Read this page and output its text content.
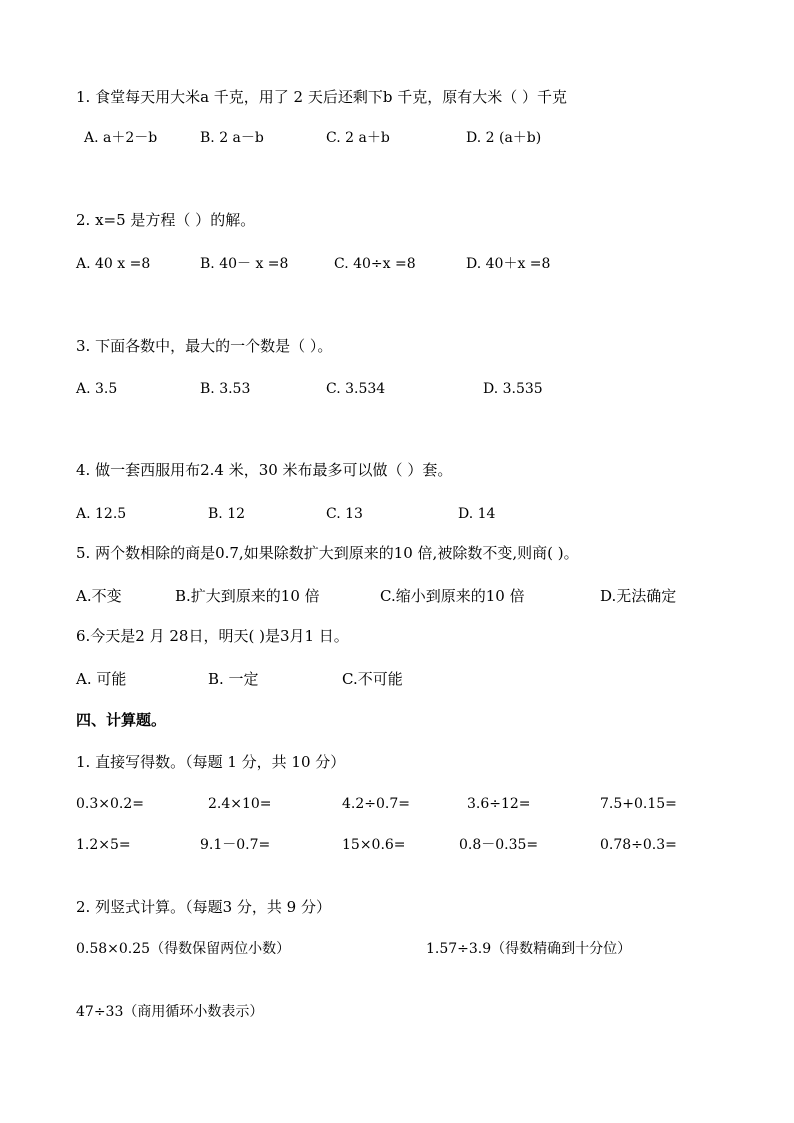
1. 食堂每天用大米a 千克，用了 2 天后还剩下b 千克，原有大米（ ）千克
A. a＋2－b	B. 2 a－b	C. 2 a＋b	D. 2 (a＋b)
2. x=5 是方程（ ）的解。
A. 40 x =8	B. 40－ x =8	C. 40÷x =8	D. 40＋x =8
3. 下面各数中，最大的一个数是（ ）。
A. 3.5	B. 3.53	C. 3.534	D. 3.535
4. 做一套西服用布2.4 米，30 米布最多可以做（ ）套。
A. 12.5	B. 12	C. 13	D. 14
5. 两个数相除的商是0.7,如果除数扩大到原来的10 倍,被除数不变,则商( )。
A.不变	B.扩大到原来的10 倍	C.缩小到原来的10 倍	D.无法确定
6.今天是2 月 28日，明天( )是3月1 日。
A. 可能	B. 一定	C.不可能
四、计算题。
1. 直接写得数。（每题 1 分，共 10 分）
0.3×0.2=	2.4×10=	4.2÷0.7=	3.6÷12=	7.5+0.15=
1.2×5=	9.1－0.7=	15×0.6=	0.8－0.35=	0.78÷0.3=
2. 列竖式计算。（每题3 分，共 9 分）
0.58×0.25（得数保留两位小数）	1.57÷3.9（得数精确到十分位）
47÷33（商用循环小数表示）
